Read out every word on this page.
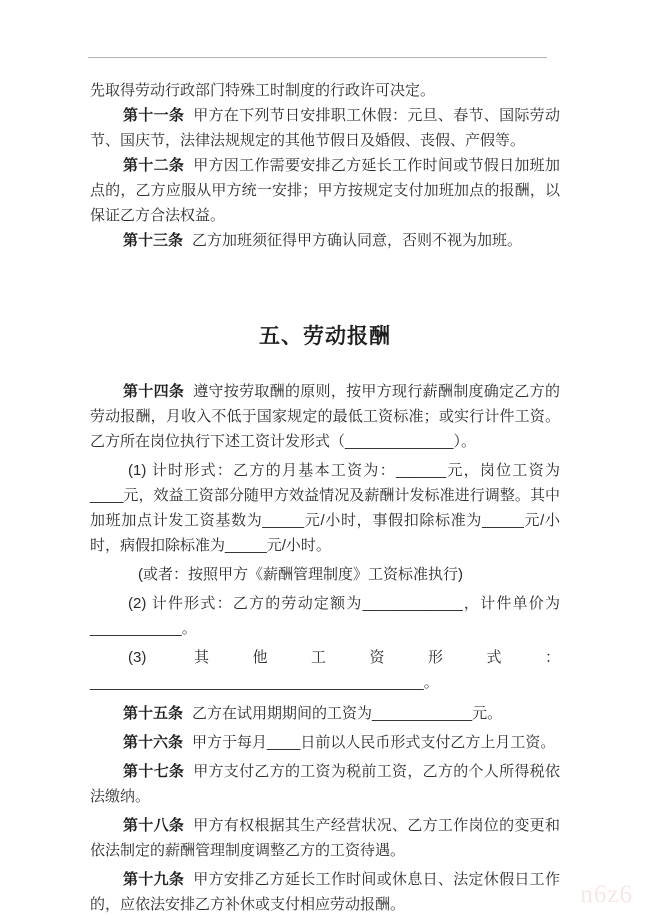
先取得劳动行政部门特殊工时制度的行政许可决定。

第十一条 甲方在下列节日安排职工休假：元旦、春节、国际劳动节、国庆节，法律法规规定的其他节假日及婚假、丧假、产假等。

第十二条 甲方因工作需要安排乙方延长工作时间或节假日加班加点的，乙方应服从甲方统一安排；甲方按规定支付加班加点的报酬，以保证乙方合法权益。

第十三条 乙方加班须征得甲方确认同意，否则不视为加班。

五、劳动报酬

第十四条 遵守按劳取酬的原则，按甲方现行薪酬制度确定乙方的劳动报酬，月收入不低于国家规定的最低工资标准；或实行计件工资。乙方所在岗位执行下述工资计发形式（_____________）。

(1) 计时形式：乙方的月基本工资为：______元，岗位工资为____元，效益工资部分随甲方效益情况及薪酬计发标准进行调整。其中加班加点计发工资基数为_____元/小时，事假扣除标准为_____元/小时，病假扣除标准为_____元/小时。

(或者：按照甲方《薪酬管理制度》工资标准执行)

(2) 计件形式：乙方的劳动定额为____________，计件单价为___________。

(3) 其他工资形式：________________________________________。

第十五条 乙方在试用期期间的工资为____________元。

第十六条 甲方于每月____日前以人民币形式支付乙方上月工资。

第十七条 甲方支付乙方的工资为税前工资，乙方的个人所得税依法缴纳。

第十八条 甲方有权根据其生产经营状况、乙方工作岗位的变更和依法制定的薪酬管理制度调整乙方的工资待遇。

第十九条 甲方安排乙方延长工作时间或休息日、法定休假日工作的，应依法安排乙方补休或支付相应劳动报酬。	n6z6
